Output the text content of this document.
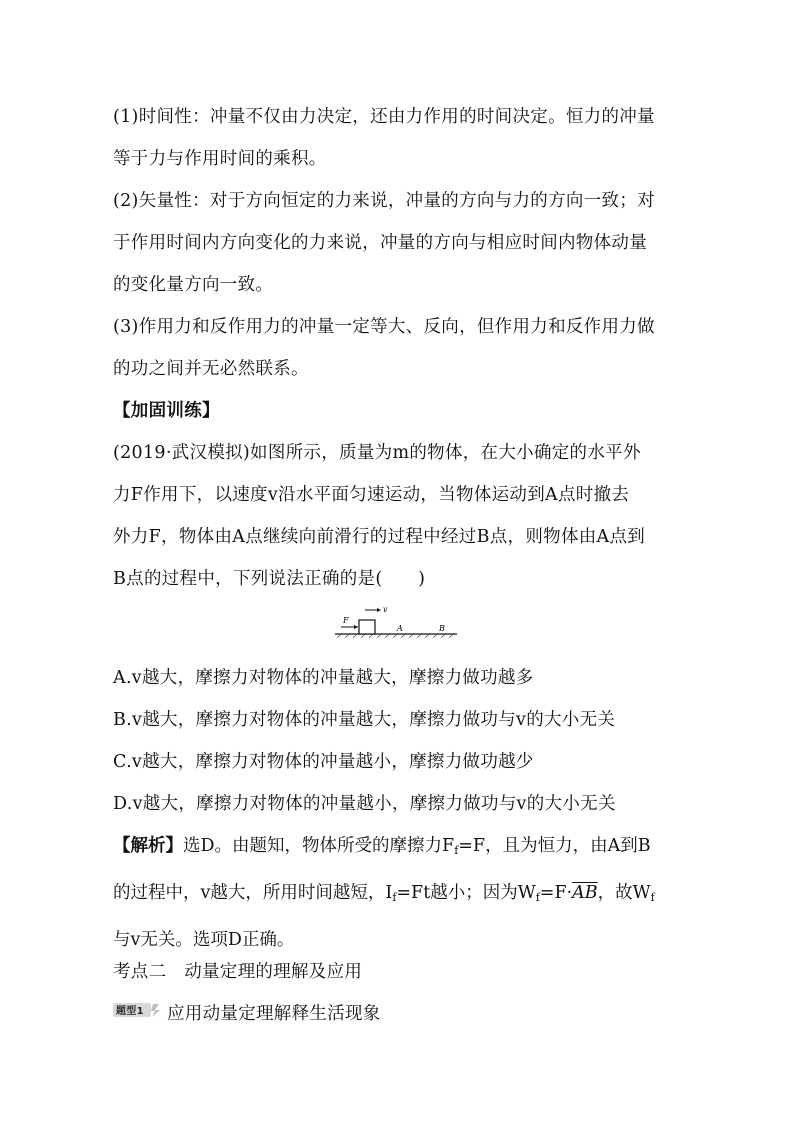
(1)时间性：冲量不仅由力决定，还由力作用的时间决定。恒力的冲量
等于力与作用时间的乘积。

(2)矢量性：对于方向恒定的力来说，冲量的方向与力的方向一致；对
于作用时间内方向变化的力来说，冲量的方向与相应时间内物体动量
的变化量方向一致。

(3)作用力和反作用力的冲量一定等大、反向，但作用力和反作用力做
的功之间并无必然联系。

【加固训练】
(2019·武汉模拟)如图所示，质量为m的物体，在大小确定的水平外
力F作用下，以速度v沿水平面匀速运动，当物体运动到A点时撤去
外力F，物体由A点继续向前滑行的过程中经过B点，则物体由A点到
B点的过程中，下列说法正确的是(　　)

F
v
A	B
A.v越大，摩擦力对物体的冲量越大，摩擦力做功越多
B.v越大，摩擦力对物体的冲量越大，摩擦力做功与v的大小无关
C.v越大，摩擦力对物体的冲量越小，摩擦力做功越少
D.v越大，摩擦力对物体的冲量越小，摩擦力做功与v的大小无关
【解析】选D。由题知，物体所受的摩擦力$F_f=F$，且为恒力，由A到B
的过程中，v越大，所用时间越短，$I_f=Ft$越小；因为$W_f=F\cdot\overline{AB}$，故$W_f$
与v无关。选项D正确。
考点二　动量定理的理解及应用
题型1 应用动量定理解释生活现象
